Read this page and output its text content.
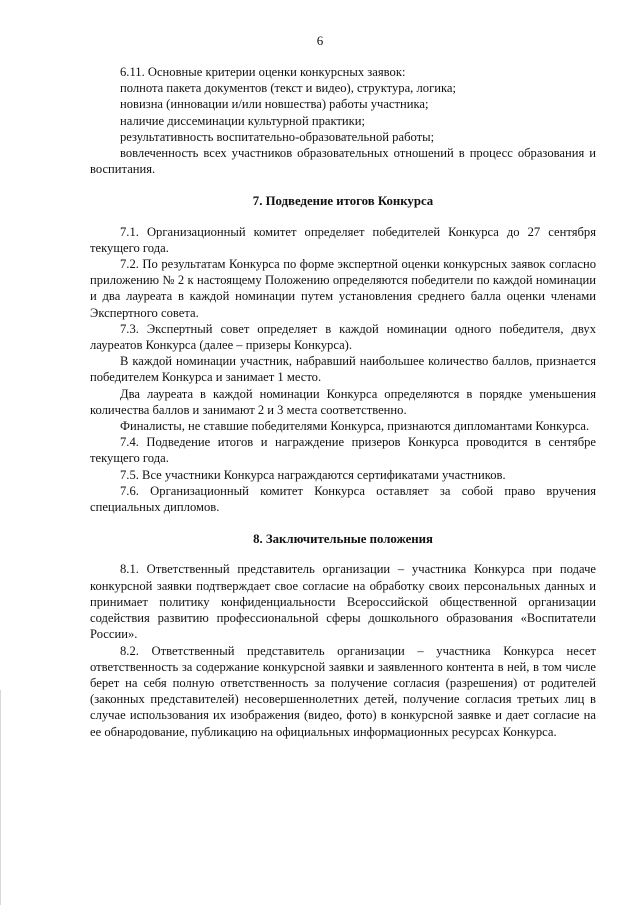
6

6.11. Основные критерии оценки конкурсных заявок:

полнота пакета документов (текст и видео), структура, логика;

новизна (инновации и/или новшества) работы участника;

наличие диссеминации культурной практики;

результативность воспитательно-образовательной работы;

вовлеченность всех участников образовательных отношений в процесс образования и воспитания.

7. Подведение итогов Конкурса

7.1. Организационный комитет определяет победителей Конкурса до 27 сентября текущего года.

7.2. По результатам Конкурса по форме экспертной оценки конкурсных заявок согласно приложению № 2 к настоящему Положению определяются победители по каждой номинации и два лауреата в каждой номинации путем установления среднего балла оценки членами Экспертного совета.

7.3. Экспертный совет определяет в каждой номинации одного победителя, двух лауреатов Конкурса (далее – призеры Конкурса).

В каждой номинации участник, набравший наибольшее количество баллов, признается победителем Конкурса и занимает 1 место.

Два лауреата в каждой номинации Конкурса определяются в порядке уменьшения количества баллов и занимают 2 и 3 места соответственно.

Финалисты, не ставшие победителями Конкурса, признаются дипломантами Конкурса.

7.4. Подведение итогов и награждение призеров Конкурса проводится в сентябре текущего года.

7.5. Все участники Конкурса награждаются сертификатами участников.

7.6. Организационный комитет Конкурса оставляет за собой право вручения специальных дипломов.

8. Заключительные положения

8.1. Ответственный представитель организации – участника Конкурса при подаче конкурсной заявки подтверждает свое согласие на обработку своих персональных данных и принимает политику конфиденциальности Всероссийской общественной организации содействия развитию профессиональной сферы дошкольного образования «Воспитатели России».

8.2. Ответственный представитель организации – участника Конкурса несет ответственность за содержание конкурсной заявки и заявленного контента в ней, в том числе берет на себя полную ответственность за получение согласия (разрешения) от родителей (законных представителей) несовершеннолетних детей, получение согласия третьих лиц в случае использования их изображения (видео, фото) в конкурсной заявке и дает согласие на ее обнародование, публикацию на официальных информационных ресурсах Конкурса.
